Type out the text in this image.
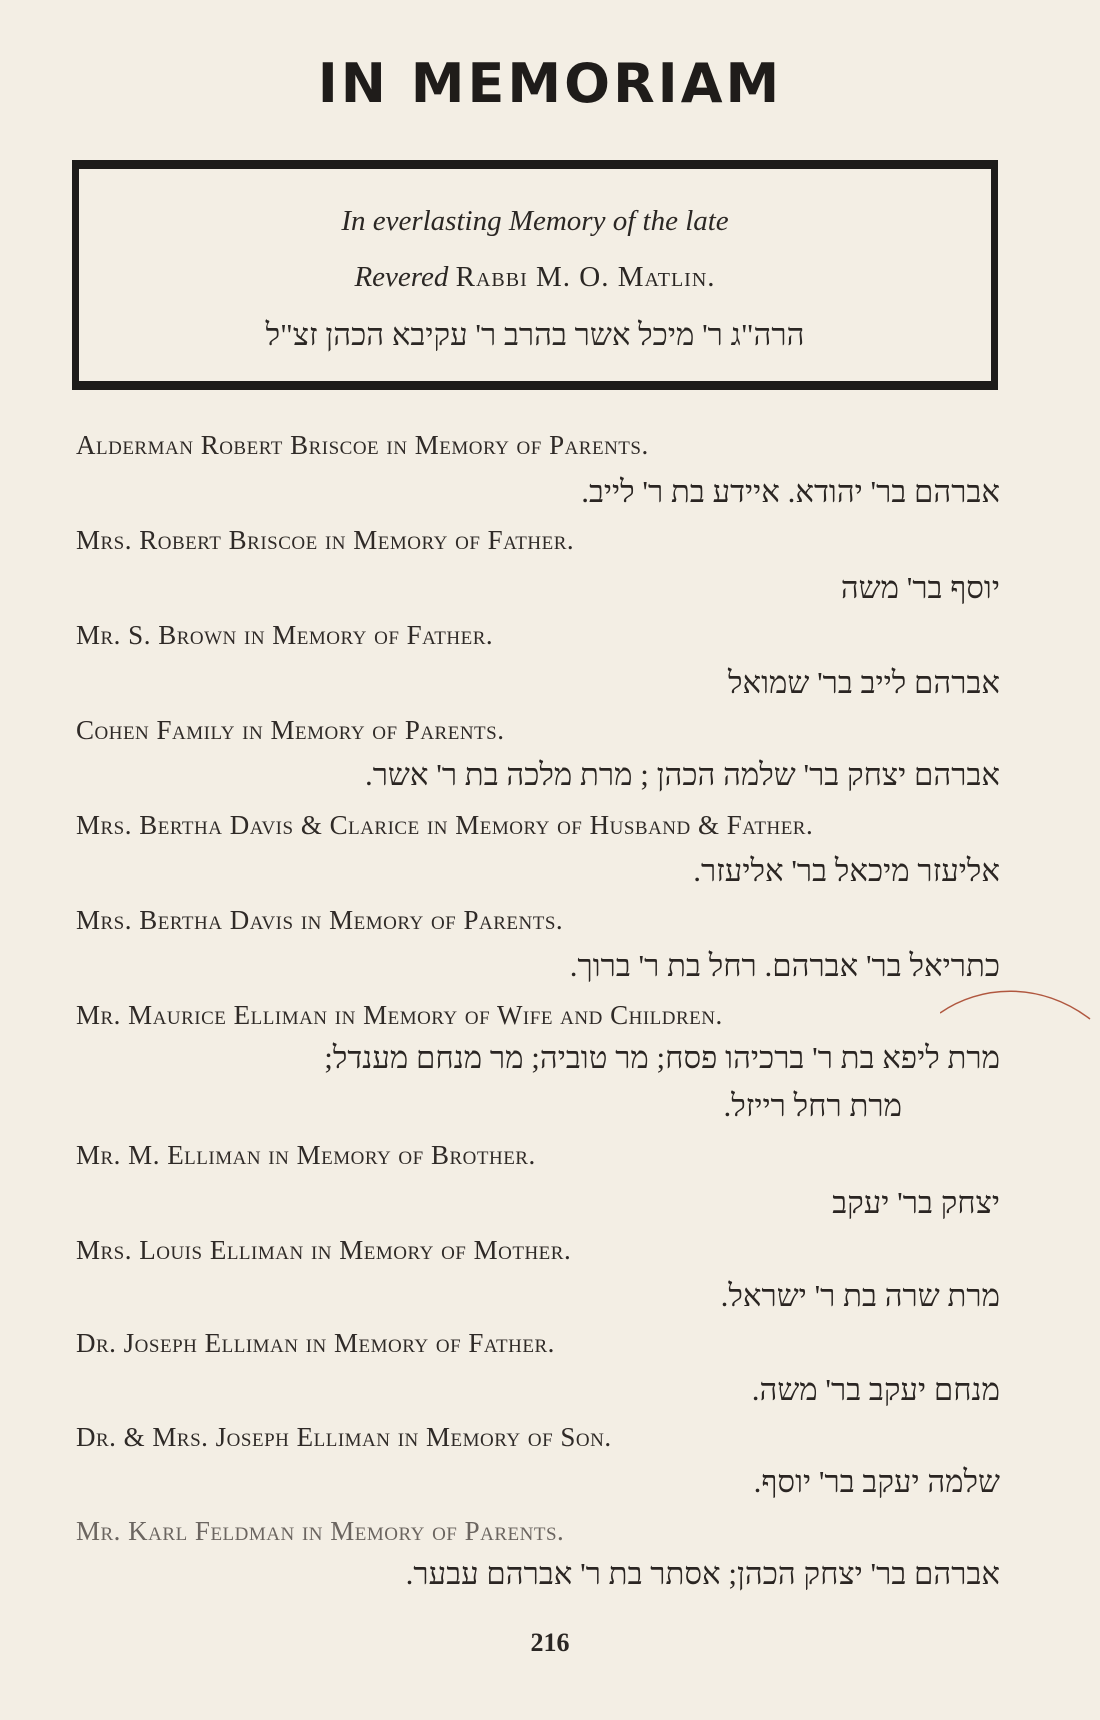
IN MEMORIAM
In everlasting Memory of the late
Revered Rabbi M. O. Matlin.
הרה"ג ר' מיכל אשר בהרב ר' עקיבא הכהן זצ"ל
Alderman Robert Briscoe in Memory of Parents.
אברהם בר' יהודא. איידע בת ר' לייב.
Mrs. Robert Briscoe in Memory of Father.
יוסף בר' משה
Mr. S. Brown in Memory of Father.
אברהם לייב בר' שמואל
Cohen Family in Memory of Parents.
אברהם יצחק בר' שלמה הכהן ; מרת מלכה בת ר' אשר.
Mrs. Bertha Davis & Clarice in Memory of Husband & Father.
אליעזר מיכאל בר' אליעזר.
Mrs. Bertha Davis in Memory of Parents.
כתריאל בר' אברהם. רחל בת ר' ברוך.
Mr. Maurice Elliman in Memory of Wife and Children.
מרת ליפא בת ר' ברכיהו פסח; מר טוביה; מר מנחם מענדל;
מרת רחל רייזל.
Mr. M. Elliman in Memory of Brother.
יצחק בר' יעקב
Mrs. Louis Elliman in Memory of Mother.
מרת שרה בת ר' ישראל.
Dr. Joseph Elliman in Memory of Father.
מנחם יעקב בר' משה.
Dr. & Mrs. Joseph Elliman in Memory of Son.
שלמה יעקב בר' יוסף.
Mr. Karl Feldman in Memory of Parents.
אברהם בר' יצחק הכהן; אסתר בת ר' אברהם עבער.
216
